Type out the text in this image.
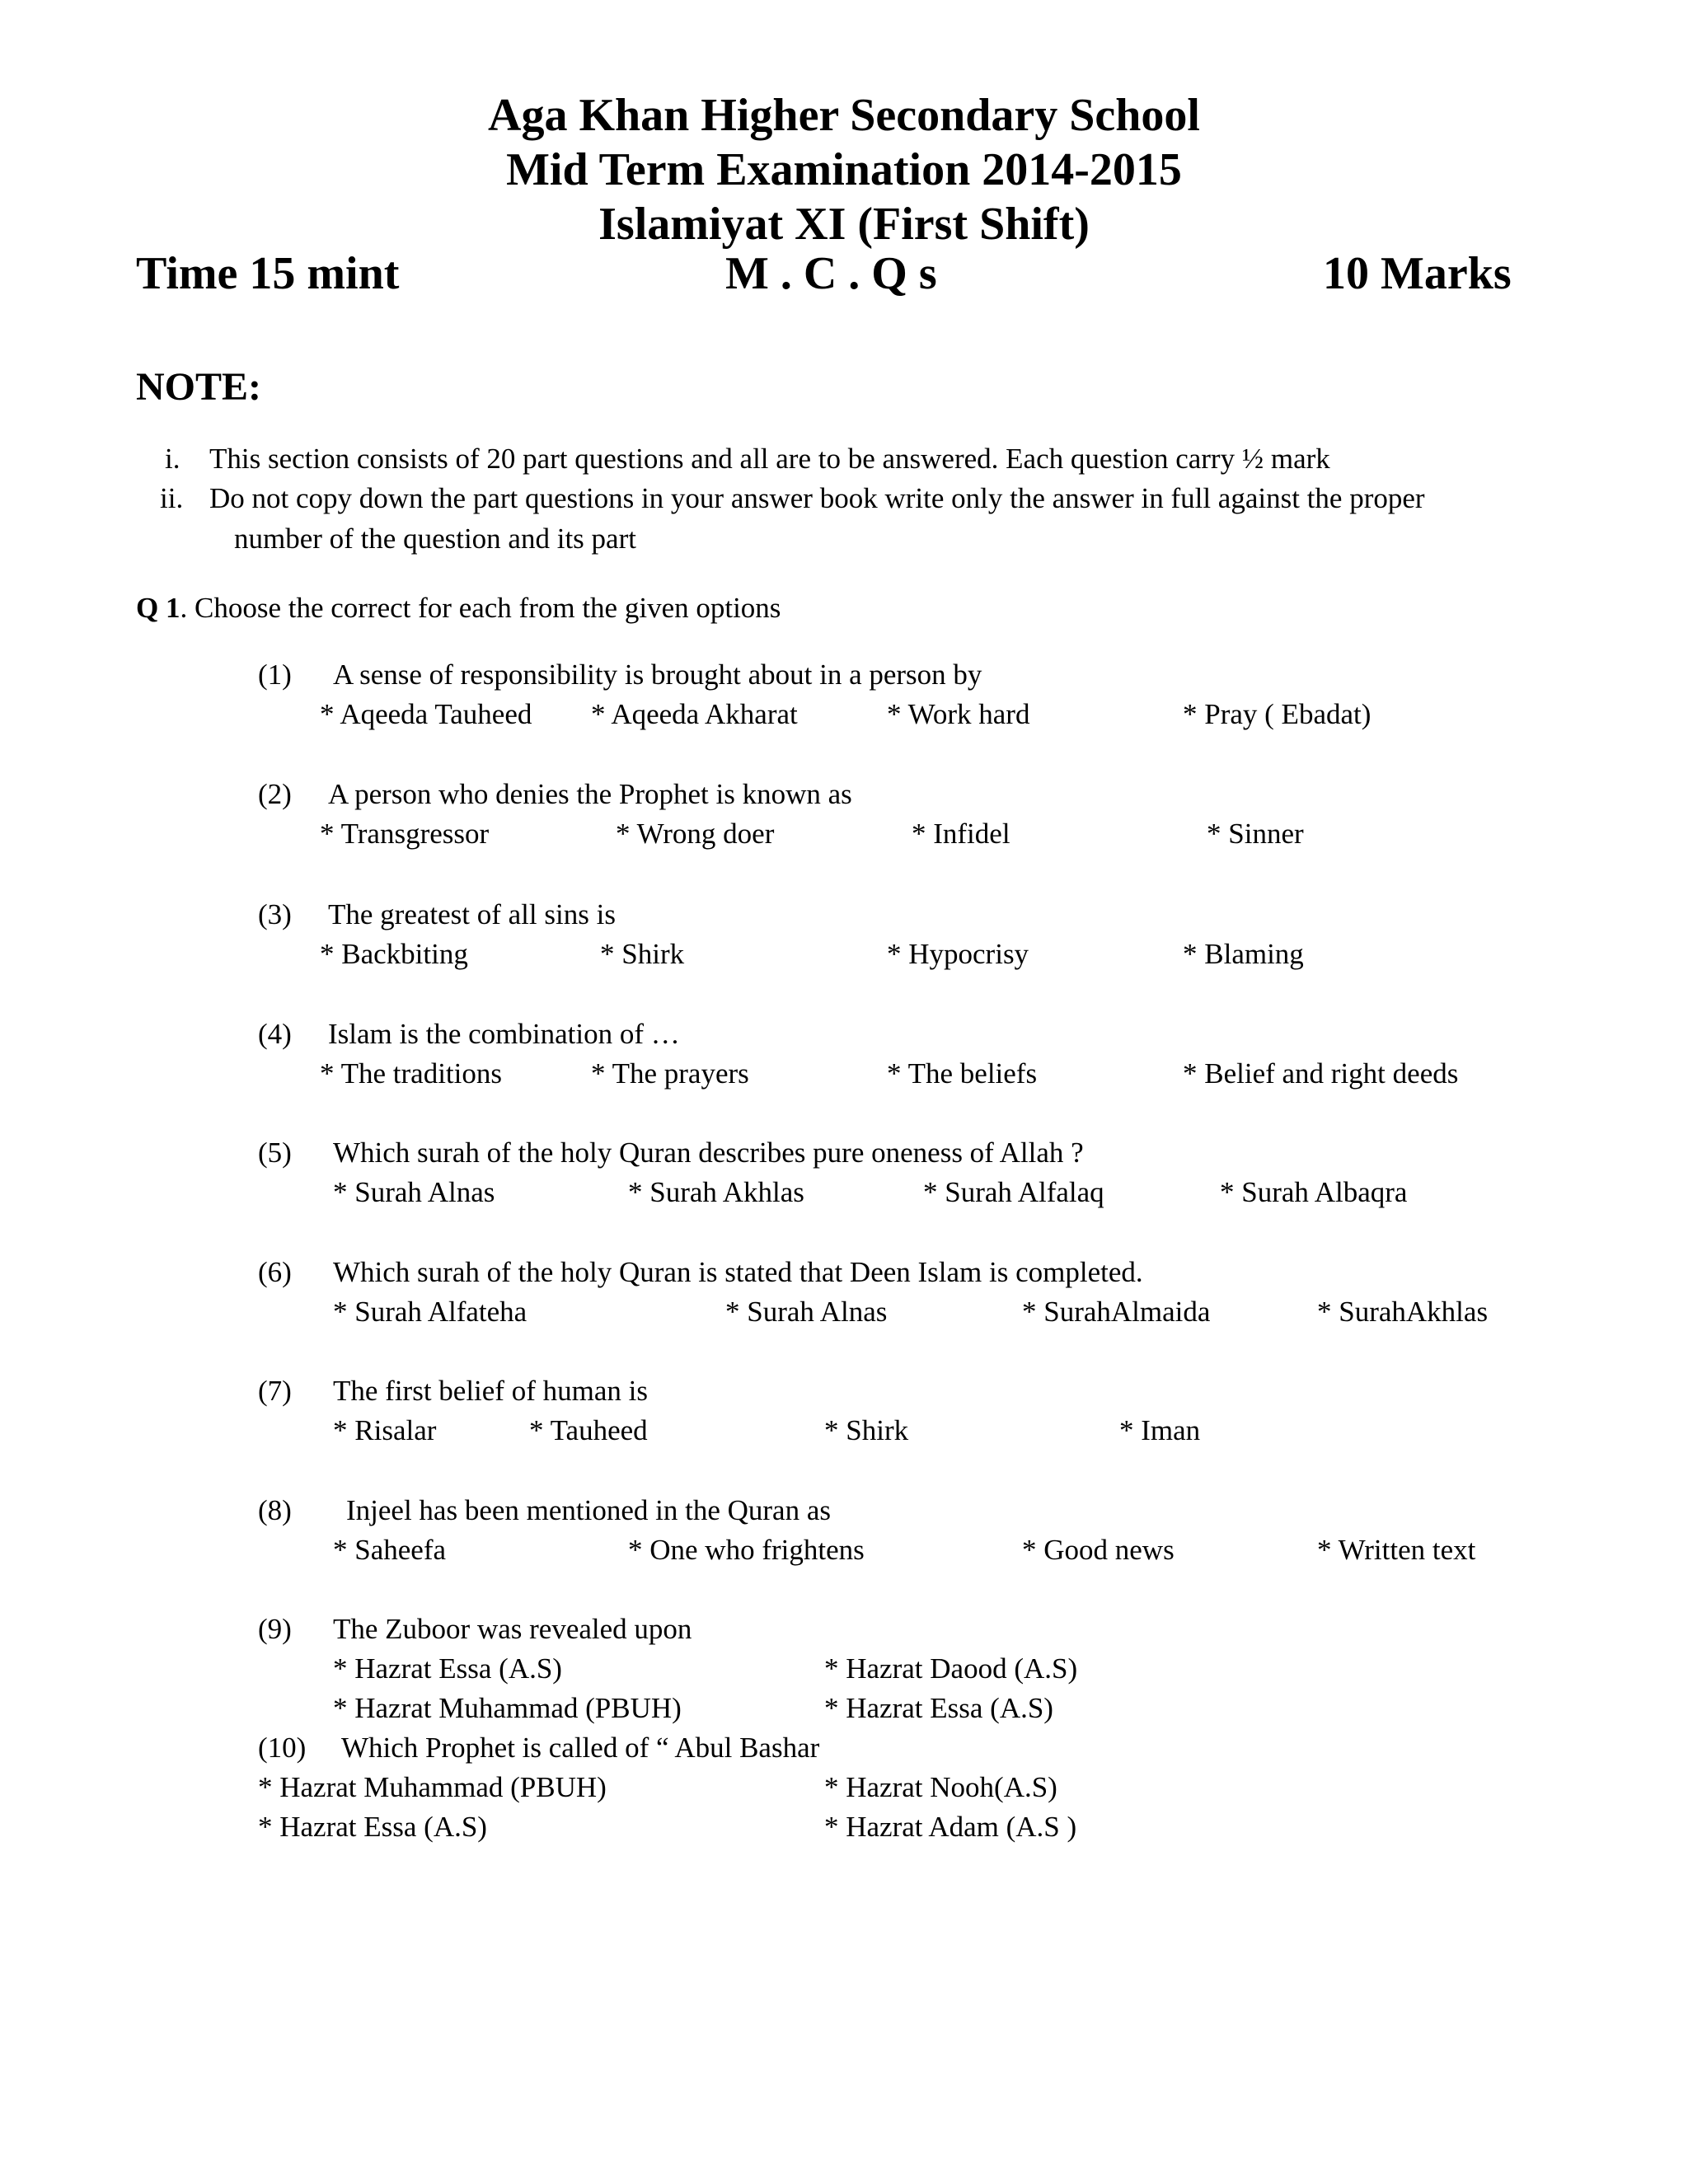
Aga Khan Higher Secondary School
Mid Term Examination 2014-2015
Islamiyat XI (First Shift)
Time 15 mint	M . C . Q s	10 Marks
NOTE:
i. This section consists of 20 part questions and all are to be answered. Each question carry ½ mark
ii. Do not copy down the part questions in your answer book write only the answer in full against the proper
number of the question and its part
Q 1. Choose the correct for each from the given options
(1) A sense of responsibility is brought about in a person by
* Aqeeda Tauheed * Aqeeda Akharat	* Work hard	* Pray ( Ebadat)
(2) A person who denies the Prophet is known as
* Transgressor	* Wrong doer	* Infidel	* Sinner
(3) The greatest of all sins is
* Backbiting	* Shirk	* Hypocrisy	* Blaming
(4) Islam is the combination of …
* The traditions	* The prayers	* The beliefs	* Belief and right deeds
(5) Which surah of the holy Quran describes pure oneness of Allah ?
* Surah Alnas	* Surah Akhlas	* Surah Alfalaq	* Surah Albaqra
(6) Which surah of the holy Quran is stated that Deen Islam is completed.
* Surah Alfateha	* Surah Alnas	* SurahAlmaida	* SurahAkhlas
(7) The first belief of human is
* Risalar	* Tauheed	* Shirk	* Iman
(8) Injeel has been mentioned in the Quran as
* Saheefa	* One who frightens	* Good news	* Written text
(9) The Zuboor was revealed upon
* Hazrat Essa (A.S)	* Hazrat Daood (A.S)
* Hazrat Muhammad (PBUH)	* Hazrat Essa (A.S)
(10) Which Prophet is called of “ Abul Bashar
* Hazrat Muhammad (PBUH)	* Hazrat Nooh(A.S)
* Hazrat Essa (A.S)	* Hazrat Adam (A.S )
